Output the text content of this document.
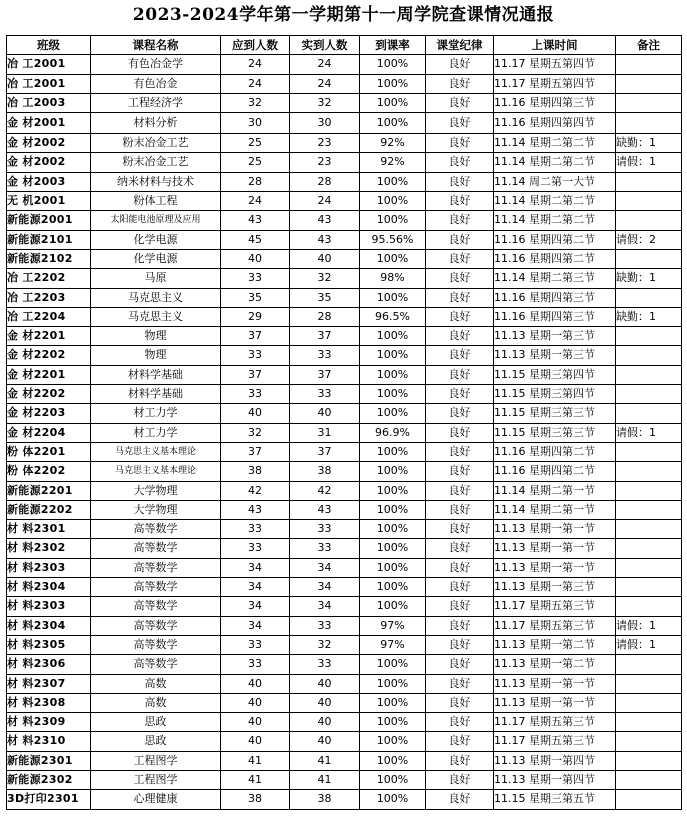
2023-2024学年第一学期第十一周学院查课情况通报
班级	课程名称	应到人数	实到人数	到课率	课堂纪律	上课时间	备注
冶 工2001	有色冶金学	24	24	100%	良好	11.17 星期五第四节	
冶 工2001	有色冶金	24	24	100%	良好	11.17 星期五第四节	
冶 工2003	工程经济学	32	32	100%	良好	11.16 星期四第三节	
金 材2001	材料分析	30	30	100%	良好	11.16 星期四第四节	
金 材2002	粉末冶金工艺	25	23	92%	良好	11.14 星期二第二节	缺勤：1
金 材2002	粉末冶金工艺	25	23	92%	良好	11.14 星期二第二节	请假：1
金 材2003	纳米材料与技术	28	28	100%	良好	11.14 周二第一大节	
无 机2001	粉体工程	24	24	100%	良好	11.14 星期二第二节	
新能源2001	太阳能电池原理及应用	43	43	100%	良好	11.14 星期二第二节	
新能源2101	化学电源	45	43	95.56%	良好	11.16 星期四第二节	请假：2
新能源2102	化学电源	40	40	100%	良好	11.16 星期四第二节	
冶 工2202	马原	33	32	98%	良好	11.14 星期二第三节	缺勤：1
冶 工2203	马克思主义	35	35	100%	良好	11.16 星期四第三节	
冶 工2204	马克思主义	29	28	96.5%	良好	11.16 星期四第三节	缺勤：1
金 材2201	物理	37	37	100%	良好	11.13 星期一第三节	
金 材2202	物理	33	33	100%	良好	11.13 星期一第三节	
金 材2201	材料学基础	37	37	100%	良好	11.15 星期三第四节	
金 材2202	材料学基础	33	33	100%	良好	11.15 星期三第四节	
金 材2203	材工力学	40	40	100%	良好	11.15 星期三第三节	
金 材2204	材工力学	32	31	96.9%	良好	11.15 星期三第三节	请假：1
粉 体2201	马克思主义基本理论	37	37	100%	良好	11.16 星期四第二节	
粉 体2202	马克思主义基本理论	38	38	100%	良好	11.16 星期四第二节	
新能源2201	大学物理	42	42	100%	良好	11.14 星期二第一节	
新能源2202	大学物理	43	43	100%	良好	11.14 星期二第一节	
材 料2301	高等数学	33	33	100%	良好	11.13 星期一第一节	
材 料2302	高等数学	33	33	100%	良好	11.13 星期一第一节	
材 料2303	高等数学	34	34	100%	良好	11.13 星期一第一节	
材 料2304	高等数学	34	34	100%	良好	11.13 星期一第三节	
材 料2303	高等数学	34	34	100%	良好	11.17 星期五第三节	
材 料2304	高等数学	34	33	97%	良好	11.17 星期五第三节	请假：1
材 料2305	高等数学	33	32	97%	良好	11.13 星期一第二节	请假：1
材 料2306	高等数学	33	33	100%	良好	11.13 星期一第二节	
材 料2307	高数	40	40	100%	良好	11.13 星期一第一节	
材 料2308	高数	40	40	100%	良好	11.13 星期一第一节	
材 料2309	思政	40	40	100%	良好	11.17 星期五第三节	
材 料2310	思政	40	40	100%	良好	11.17 星期五第三节	
新能源2301	工程图学	41	41	100%	良好	11.13 星期一第四节	
新能源2302	工程图学	41	41	100%	良好	11.13 星期一第四节	
3D打印2301	心理健康	38	38	100%	良好	11.15 星期三第五节	
